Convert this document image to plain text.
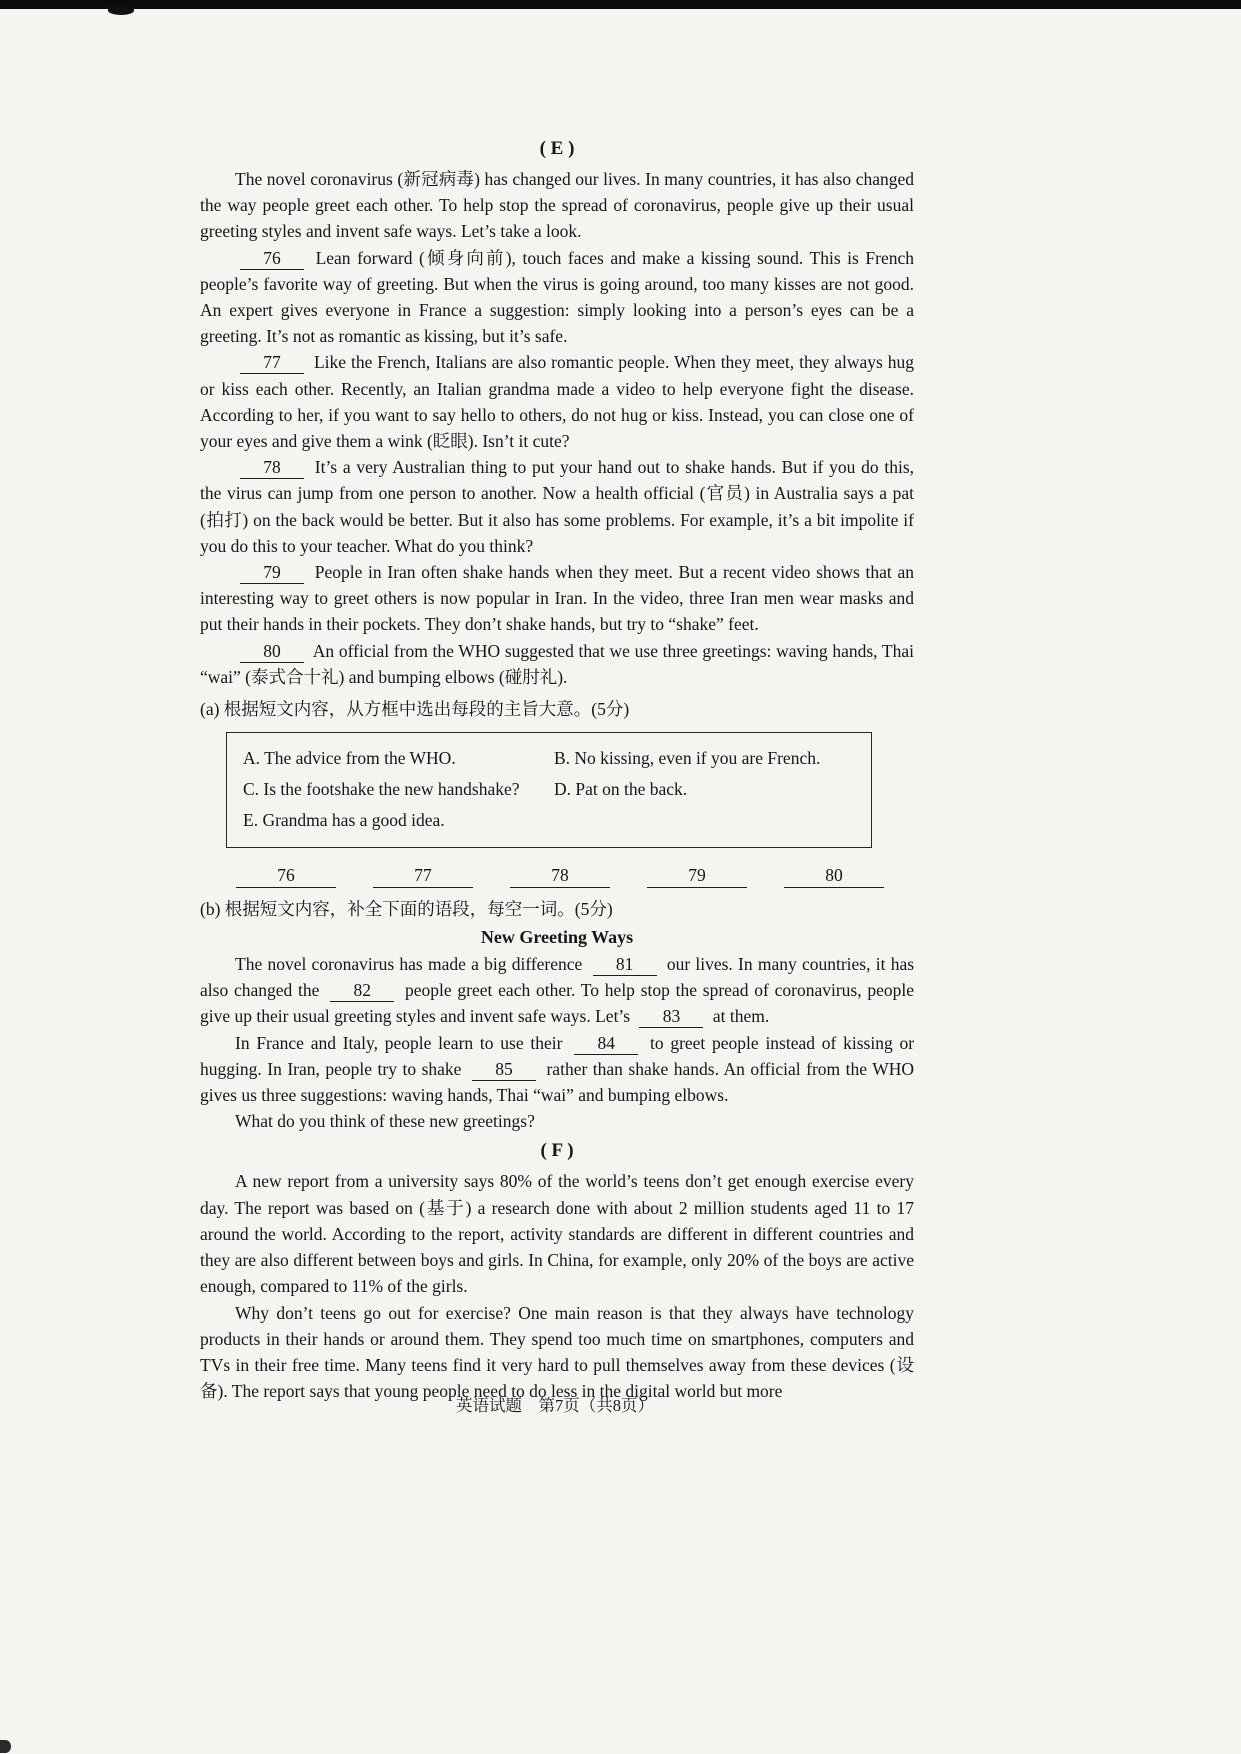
( E )

The novel coronavirus (新冠病毒) has changed our lives. In many countries, it has also changed the way people greet each other. To help stop the spread of coronavirus, people give up their usual greeting styles and invent safe ways. Let’s take a look.

76 Lean forward (倾身向前), touch faces and make a kissing sound. This is French people’s favorite way of greeting. But when the virus is going around, too many kisses are not good. An expert gives everyone in France a suggestion: simply looking into a person’s eyes can be a greeting. It’s not as romantic as kissing, but it’s safe.

77 Like the French, Italians are also romantic people. When they meet, they always hug or kiss each other. Recently, an Italian grandma made a video to help everyone fight the disease. According to her, if you want to say hello to others, do not hug or kiss. Instead, you can close one of your eyes and give them a wink (眨眼). Isn’t it cute?

78 It’s a very Australian thing to put your hand out to shake hands. But if you do this, the virus can jump from one person to another. Now a health official (官员) in Australia says a pat (拍打) on the back would be better. But it also has some problems. For example, it’s a bit impolite if you do this to your teacher. What do you think?

79 People in Iran often shake hands when they meet. But a recent video shows that an interesting way to greet others is now popular in Iran. In the video, three Iran men wear masks and put their hands in their pockets. They don’t shake hands, but try to “shake” feet.

80 An official from the WHO suggested that we use three greetings: waving hands, Thai “wai” (泰式合十礼) and bumping elbows (碰肘礼).

(a) 根据短文内容，从方框中选出每段的主旨大意。(5分)
A. The advice from the WHO.	B. No kissing, even if you are French.
C. Is the footshake the new handshake?	D. Pat on the back.
E. Grandma has a good idea.
76	77	78	79	80
(b) 根据短文内容，补全下面的语段，每空一词。(5分)
New Greeting Ways

The novel coronavirus has made a big difference 81 our lives. In many countries, it has also changed the 82 people greet each other. To help stop the spread of coronavirus, people give up their usual greeting styles and invent safe ways. Let’s 83 at them.

In France and Italy, people learn to use their 84 to greet people instead of kissing or hugging. In Iran, people try to shake 85 rather than shake hands. An official from the WHO gives us three suggestions: waving hands, Thai “wai” and bumping elbows.

What do you think of these new greetings?

( F )

A new report from a university says 80% of the world’s teens don’t get enough exercise every day. The report was based on (基于) a research done with about 2 million students aged 11 to 17 around the world. According to the report, activity standards are different in different countries and they are also different between boys and girls. In China, for example, only 20% of the boys are active enough, compared to 11% of the girls.

Why don’t teens go out for exercise? One main reason is that they always have technology products in their hands or around them. They spend too much time on smartphones, computers and TVs in their free time. Many teens find it very hard to pull themselves away from these devices (设备). The report says that young people need to do less in the digital world but more

英语试题　第7页（共8页）
